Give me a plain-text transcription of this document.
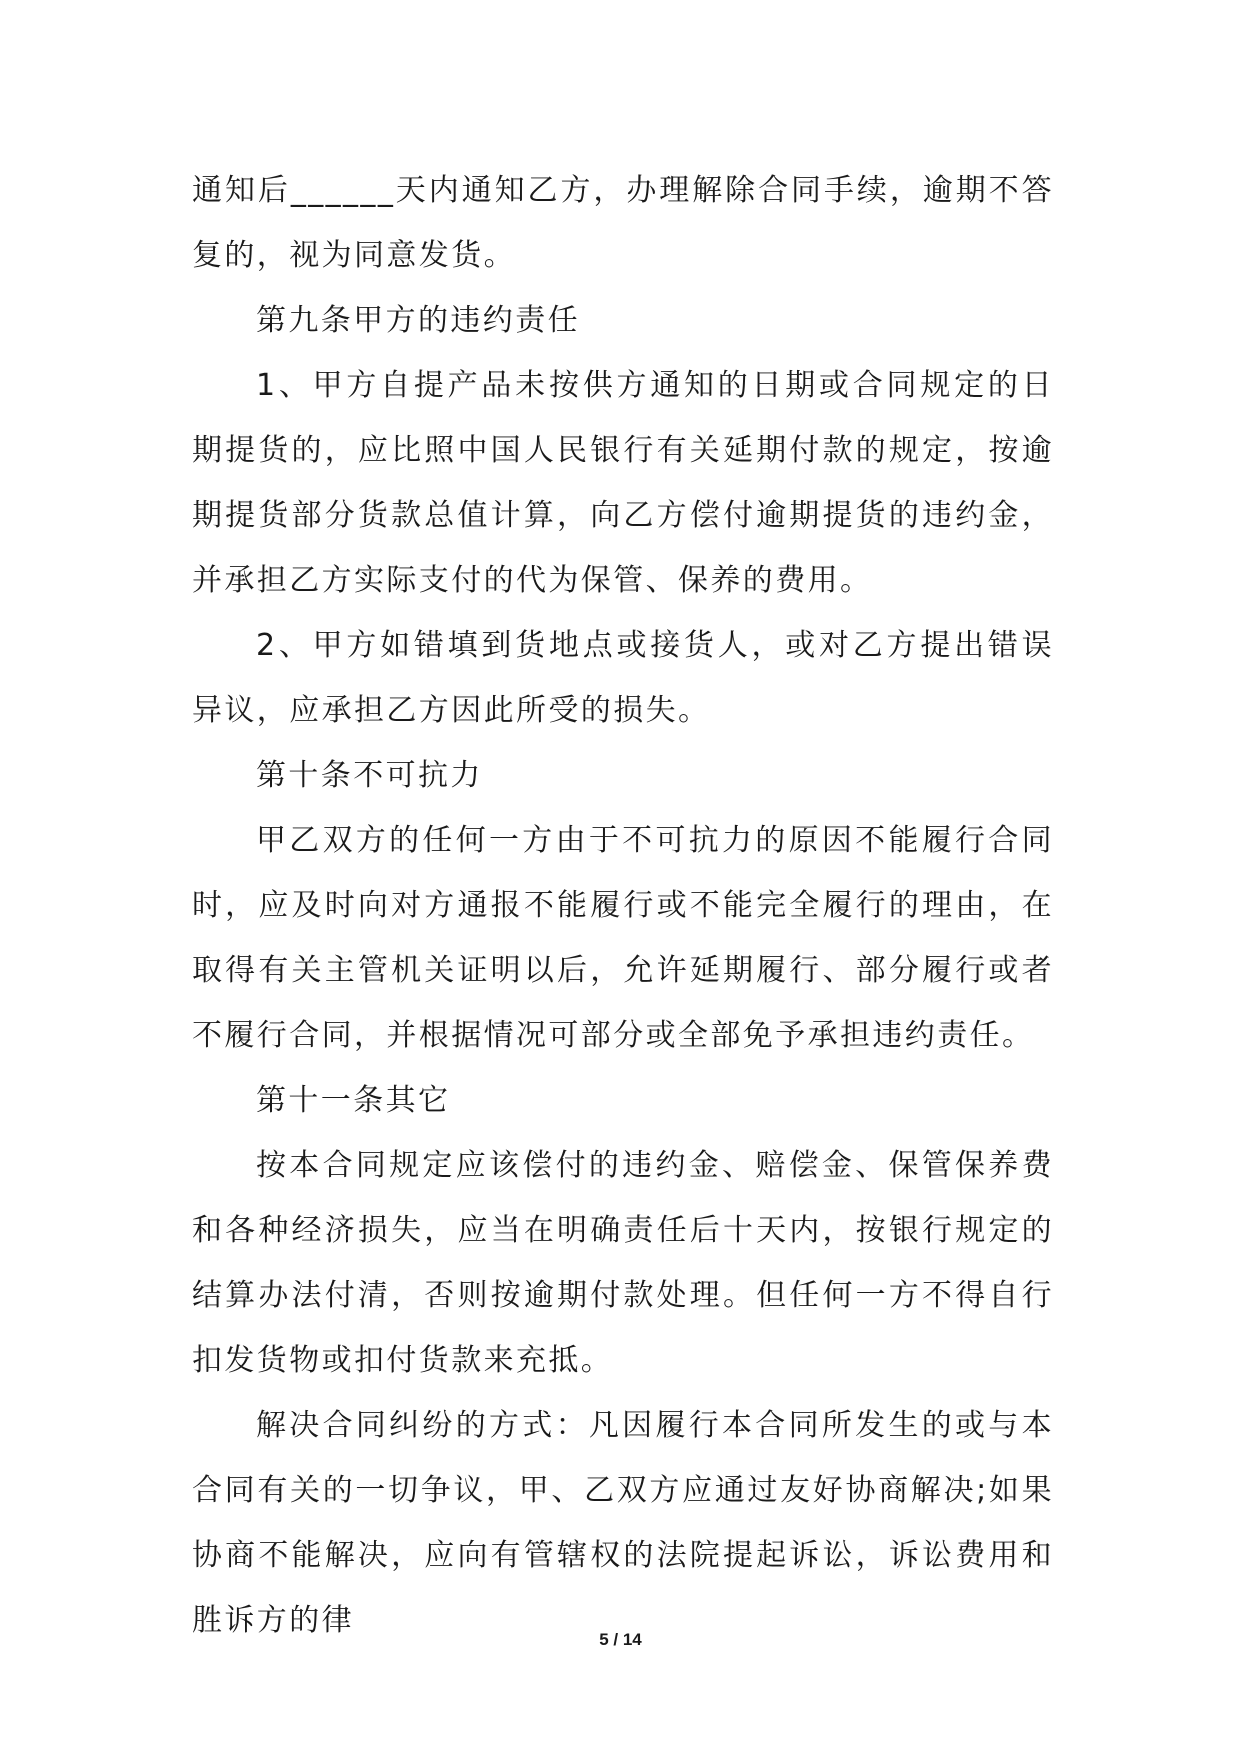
通知后______天内通知乙方，办理解除合同手续，逾期不答复的，视为同意发货。

第九条甲方的违约责任

1、甲方自提产品未按供方通知的日期或合同规定的日期提货的，应比照中国人民银行有关延期付款的规定，按逾期提货部分货款总值计算，向乙方偿付逾期提货的违约金，并承担乙方实际支付的代为保管、保养的费用。

2、甲方如错填到货地点或接货人，或对乙方提出错误异议，应承担乙方因此所受的损失。

第十条不可抗力

甲乙双方的任何一方由于不可抗力的原因不能履行合同时，应及时向对方通报不能履行或不能完全履行的理由，在取得有关主管机关证明以后，允许延期履行、部分履行或者不履行合同，并根据情况可部分或全部免予承担违约责任。

第十一条其它

按本合同规定应该偿付的违约金、赔偿金、保管保养费和各种经济损失，应当在明确责任后十天内，按银行规定的结算办法付清，否则按逾期付款处理。但任何一方不得自行扣发货物或扣付货款来充抵。

解决合同纠纷的方式：凡因履行本合同所发生的或与本合同有关的一切争议，甲、乙双方应通过友好协商解决;如果协商不能解决，应向有管辖权的法院提起诉讼，诉讼费用和胜诉方的律

5 / 14
